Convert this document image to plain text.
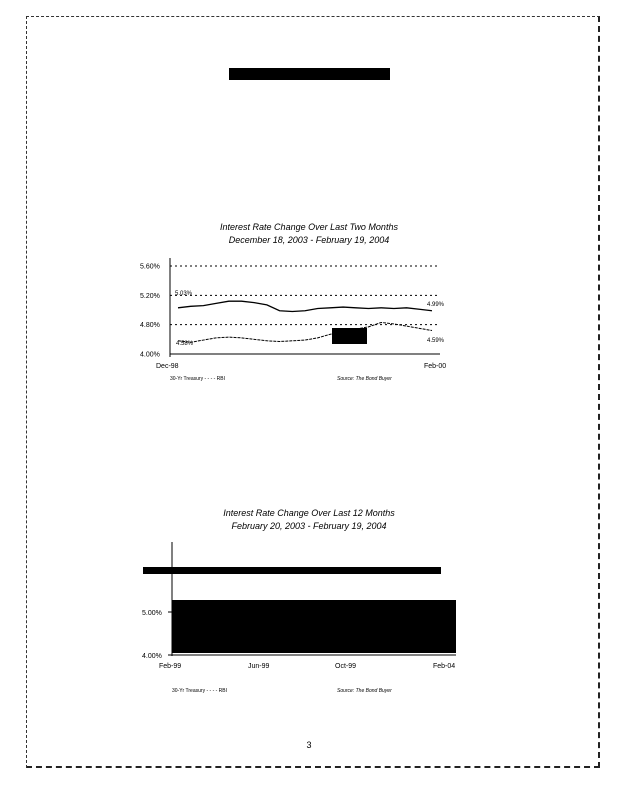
Interest Rate Change Over Last Two Months
December 18, 2003 - February 19, 2004
5.60%
5.20%
4.80%
4.00%
5.03%
4.99%
4.58%	4.59%
Dec-98	Feb-00
30-Yr Treasury - - - - RBI	Source: The Bond Buyer
Interest Rate Change Over Last 12 Months
February 20, 2003 - February 19, 2004
5.00%
4.00%
Feb-99	Jun-99	Oct-99	Feb-04
30-Yr Treasury - - - - RBI	Source: The Bond Buyer
3
